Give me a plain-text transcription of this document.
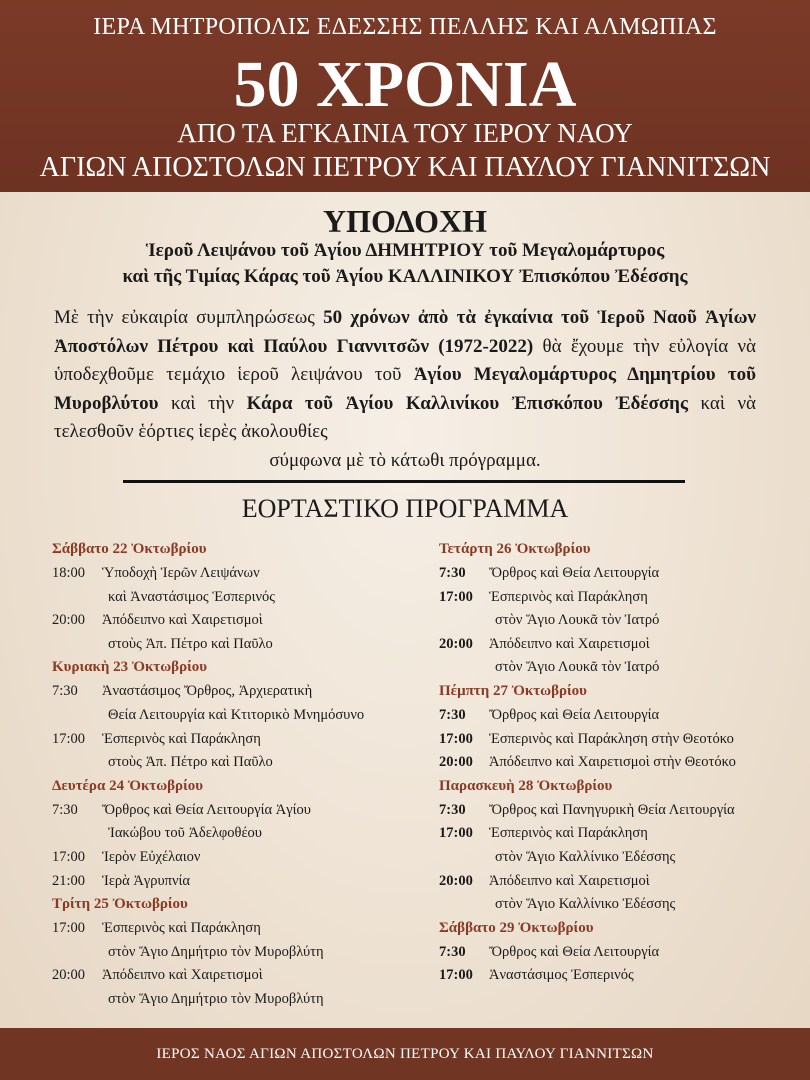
ΙΕΡΑ ΜΗΤΡΟΠΟΛΙΣ ΕΔΕΣΣΗΣ ΠΕΛΛΗΣ ΚΑΙ ΑΛΜΩΠΙΑΣ
50 ΧΡΟΝΙΑ
ΑΠΟ ΤΑ ΕΓΚΑΙΝΙΑ ΤΟΥ ΙΕΡΟΥ ΝΑΟΥ
ΑΓΙΩΝ ΑΠΟΣΤΟΛΩΝ ΠΕΤΡΟΥ ΚΑΙ ΠΑΥΛΟΥ ΓΙΑΝΝΙΤΣΩΝ
ΥΠΟΔΟΧΗ
Ἱεροῦ Λειψάνου τοῦ Ἁγίου ΔΗΜΗΤΡΙΟΥ τοῦ Μεγαλομάρτυρος
καὶ τῆς Τιμίας Κάρας τοῦ Ἁγίου ΚΑΛΛΙΝΙΚΟΥ Ἐπισκόπου Ἐδέσσης
Μὲ τὴν εὐκαιρία συμπληρώσεως 50 χρόνων ἀπὸ τὰ ἐγκαίνια τοῦ Ἱεροῦ Ναοῦ Ἁγίων Ἀποστόλων Πέτρου καὶ Παύλου Γιαννιτσῶν (1972-2022) θὰ ἔχουμε τὴν εὐλογία νὰ ὑποδεχθοῦμε τεμάχιο ἱεροῦ λειψάνου τοῦ Ἁγίου Μεγαλομάρτυρος Δημητρίου τοῦ Μυροβλύτου καὶ τὴν Κάρα τοῦ Ἁγίου Καλλινίκου Ἐπισκόπου Ἐδέσσης καὶ νὰ τελεσθοῦν ἑόρτιες ἱερὲς ἀκολουθίες
σύμφωνα μὲ τὸ κάτωθι πρόγραμμα.
ΕΟΡΤΑΣΤΙΚΟ ΠΡΟΓΡΑΜΜΑ
Σάββατο 22 Ὀκτωβρίου
18:00 Ὑποδοχὴ Ἱερῶν Λειψάνων
καὶ Ἀναστάσιμος Ἑσπερινός
20:00 Ἀπόδειπνο καὶ Χαιρετισμοὶ
στοὺς Ἀπ. Πέτρο καὶ Παῦλο
Κυριακὴ 23 Ὀκτωβρίου
7:30 Ἀναστάσιμος Ὄρθρος, Ἀρχιερατικὴ
Θεία Λειτουργία καὶ Κτιτορικὸ Μνημόσυνο
17:00 Ἑσπερινὸς καὶ Παράκληση
στοὺς Ἀπ. Πέτρο καὶ Παῦλο
Δευτέρα 24 Ὀκτωβρίου
7:30 Ὄρθρος καὶ Θεία Λειτουργία Ἁγίου
Ἰακώβου τοῦ Ἀδελφοθέου
17:00 Ἱερὸν Εὐχέλαιον
21:00 Ἱερὰ Ἀγρυπνία
Τρίτη 25 Ὀκτωβρίου
17:00 Ἑσπερινὸς καὶ Παράκληση
στὸν Ἅγιο Δημήτριο τὸν Μυροβλύτη
20:00 Ἀπόδειπνο καὶ Χαιρετισμοὶ
στὸν Ἅγιο Δημήτριο τὸν Μυροβλύτη
Τετάρτη 26 Ὀκτωβρίου
7:30 Ὄρθρος καὶ Θεία Λειτουργία
17:00 Ἑσπερινὸς καὶ Παράκληση
στὸν Ἅγιο Λουκᾶ τὸν Ἰατρό
20:00 Ἀπόδειπνο καὶ Χαιρετισμοὶ
στὸν Ἅγιο Λουκᾶ τὸν Ἰατρό
Πέμπτη 27 Ὀκτωβρίου
7:30 Ὄρθρος καὶ Θεία Λειτουργία
17:00 Ἑσπερινὸς καὶ Παράκληση στὴν Θεοτόκο
20:00 Ἀπόδειπνο καὶ Χαιρετισμοὶ στὴν Θεοτόκο
Παρασκευὴ 28 Ὀκτωβρίου
7:30 Ὄρθρος καὶ Πανηγυρικὴ Θεία Λειτουργία
17:00 Ἑσπερινὸς καὶ Παράκληση
στὸν Ἅγιο Καλλίνικο Ἐδέσσης
20:00 Ἀπόδειπνο καὶ Χαιρετισμοὶ
στὸν Ἅγιο Καλλίνικο Ἐδέσσης
Σάββατο 29 Ὀκτωβρίου
7:30 Ὄρθρος καὶ Θεία Λειτουργία
17:00 Ἀναστάσιμος Ἑσπερινός
ΙΕΡΟΣ ΝΑΟΣ ΑΓΙΩΝ ΑΠΟΣΤΟΛΩΝ ΠΕΤΡΟΥ ΚΑΙ ΠΑΥΛΟΥ ΓΙΑΝΝΙΤΣΩΝ
